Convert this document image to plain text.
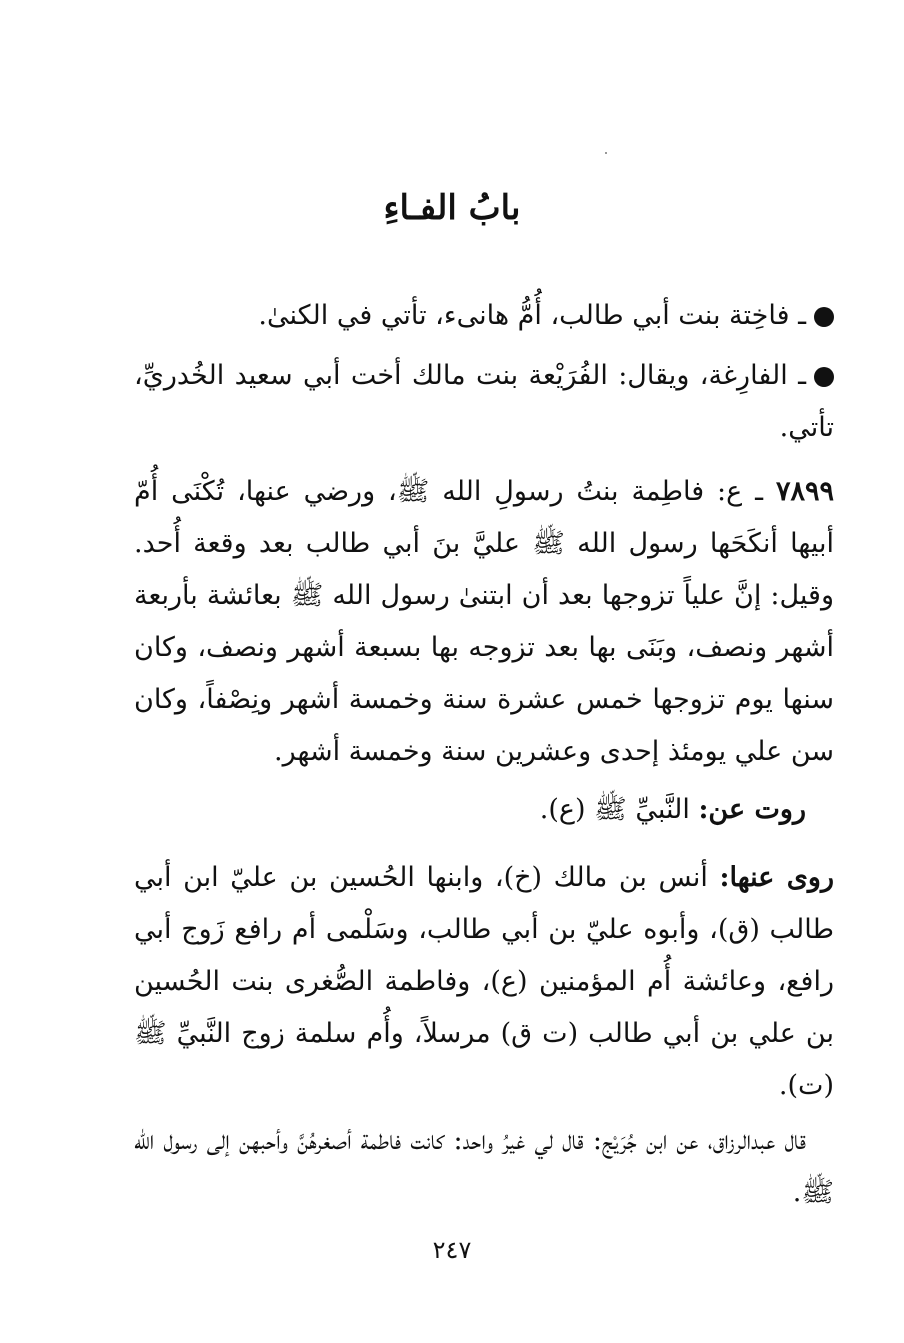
بابُ الفـاءِ

ـ فاخِتة بنت أبي طالب، أُمُّ هانىء، تأتي في الكنىٰ.

ـ الفارِغة، ويقال: الفُرَيْعة بنت مالك أخت أبي سعيد الخُدريِّ، تأتي.

٧٨٩٩ ـ ع: فاطِمة بنتُ رسولِ الله ﷺ، ورضي عنها، تُكْنَى أُمّ أبيها أنكَحَها رسول الله ﷺ عليَّ بنَ أبي طالب بعد وقعة أُحد. وقيل: إنَّ علياً تزوجها بعد أن ابتنىٰ رسول الله ﷺ بعائشة بأربعة أشهر ونصف، وبَنَى بها بعد تزوجه بها بسبعة أشهر ونصف، وكان سنها يوم تزوجها خمس عشرة سنة وخمسة أشهر ونِصْفاً، وكان سن علي يومئذ إحدى وعشرين سنة وخمسة أشهر.

روت عن: النَّبيِّ ﷺ (ع).

روى عنها: أنس بن مالك (خ)، وابنها الحُسين بن عليّ ابن أبي طالب (ق)، وأبوه عليّ بن أبي طالب، وسَلْمى أم رافع زَوج أبي رافع، وعائشة أُم المؤمنين (ع)، وفاطمة الصُّغرى بنت الحُسين بن علي بن أبي طالب (ت ق) مرسلاً، وأُم سلمة زوج النَّبيِّ ﷺ (ت).

قال عبدالرزاق، عن ابن جُرَيْج: قال لي غيرُ واحد: كانت فاطمة أصغرهُنَّ وأحبهن إلى رسول الله ﷺ.

٢٤٧
